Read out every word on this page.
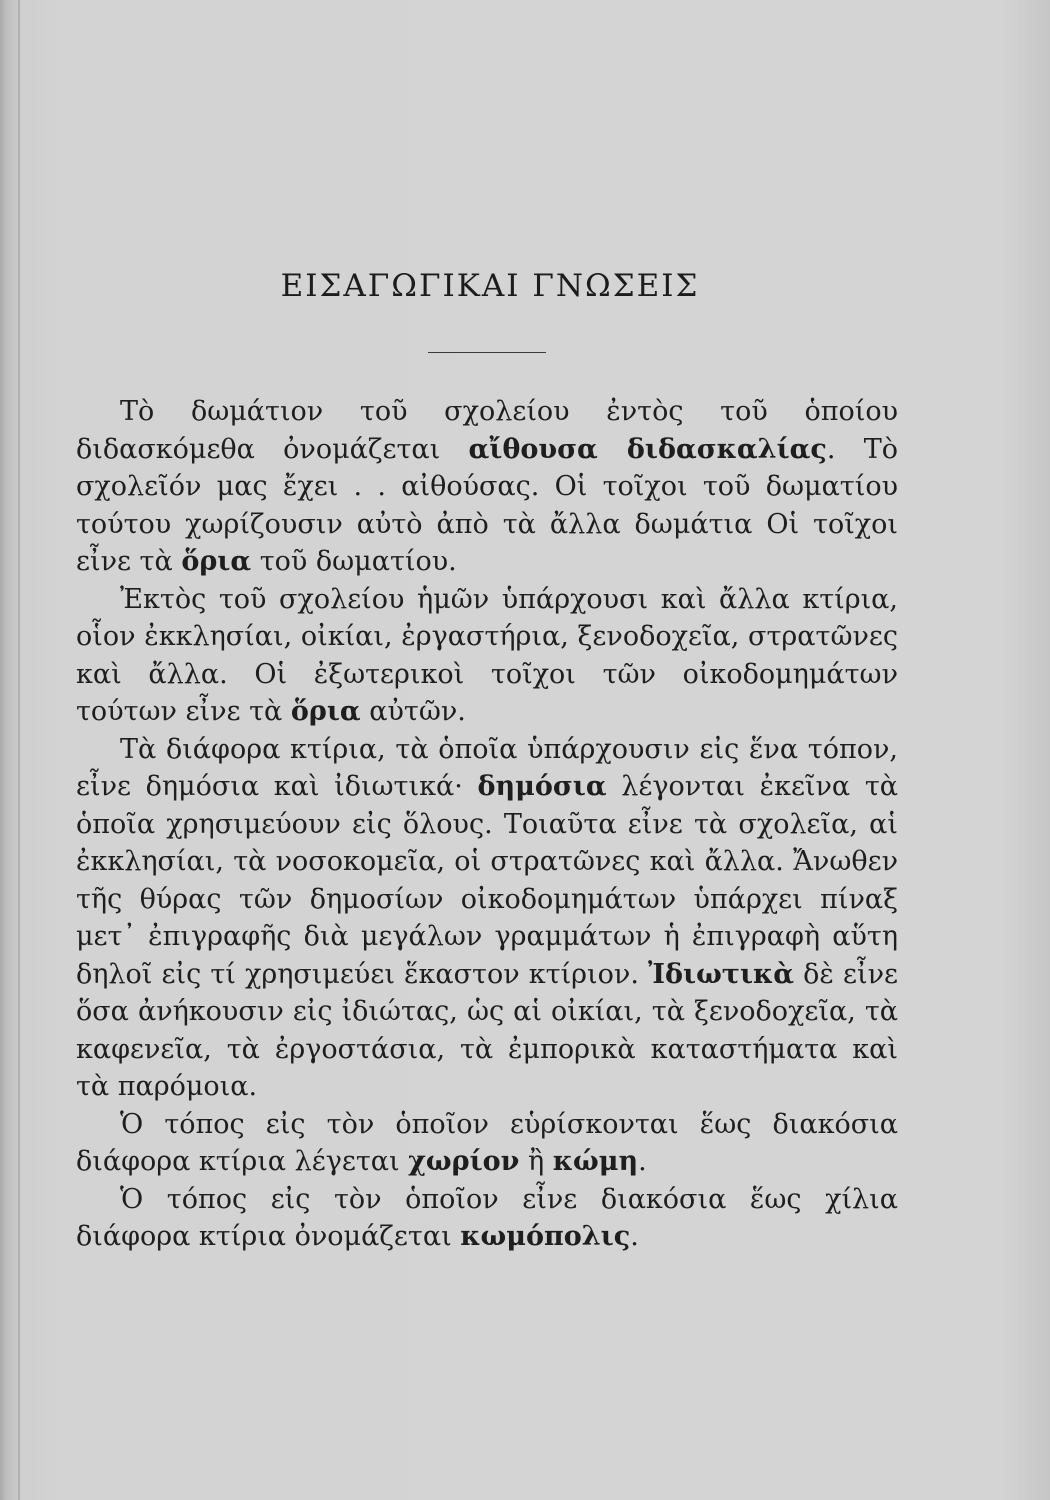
ΕΙΣΑΓΩΓΙΚΑΙ ΓΝΩΣΕΙΣ

Τὸ δωμάτιον τοῦ σχολείου ἐντὸς τοῦ ὁποίου διδασκόμεθα ὀνομάζεται αἴθουσα διδασκαλίας. Τὸ σχολεῖόν μας ἔχει . . αἰθούσας. Οἱ τοῖχοι τοῦ δωματίου τούτου χωρίζουσιν αὐτὸ ἀπὸ τὰ ἄλλα δωμάτια Οἱ τοῖχοι εἶνε τὰ ὅρια τοῦ δωματίου.

Ἐκτὸς τοῦ σχολείου ἡμῶν ὑπάρχουσι καὶ ἄλλα κτίρια, οἷον ἐκκλησίαι, οἰκίαι, ἐργαστήρια, ξενοδοχεῖα, στρατῶνες καὶ ἄλλα. Οἱ ἐξωτερικοὶ τοῖχοι τῶν οἰκοδομημάτων τούτων εἶνε τὰ ὅρια αὐτῶν.

Τὰ διάφορα κτίρια, τὰ ὁποῖα ὑπάρχουσιν εἰς ἕνα τόπον, εἶνε δημόσια καὶ ἰδιωτικά· δημόσια λέγονται ἐκεῖνα τὰ ὁποῖα χρησιμεύουν εἰς ὅλους. Τοιαῦτα εἶνε τὰ σχολεῖα, αἱ ἐκκλησίαι, τὰ νοσοκομεῖα, οἱ στρατῶνες καὶ ἄλλα. Ἄνωθεν τῆς θύρας τῶν δημοσίων οἰκοδομημάτων ὑπάρχει πίναξ μετ᾽ ἐπιγραφῆς διὰ μεγάλων γραμμάτων ἡ ἐπιγραφὴ αὕτη δηλοῖ εἰς τί χρησιμεύει ἕκαστον κτίριον. Ἰδιωτικὰ δὲ εἶνε ὅσα ἀνήκουσιν εἰς ἰδιώτας, ὡς αἱ οἰκίαι, τὰ ξενοδοχεῖα, τὰ καφενεῖα, τὰ ἐργοστάσια, τὰ ἐμπορικὰ καταστήματα καὶ τὰ παρόμοια.

Ὁ τόπος εἰς τὸν ὁποῖον εὑρίσκονται ἕως διακόσια διάφορα κτίρια λέγεται χωρίον ἢ κώμη.

Ὁ τόπος εἰς τὸν ὁποῖον εἶνε διακόσια ἕως χίλια διάφορα κτίρια ὀνομάζεται κωμόπολις.
